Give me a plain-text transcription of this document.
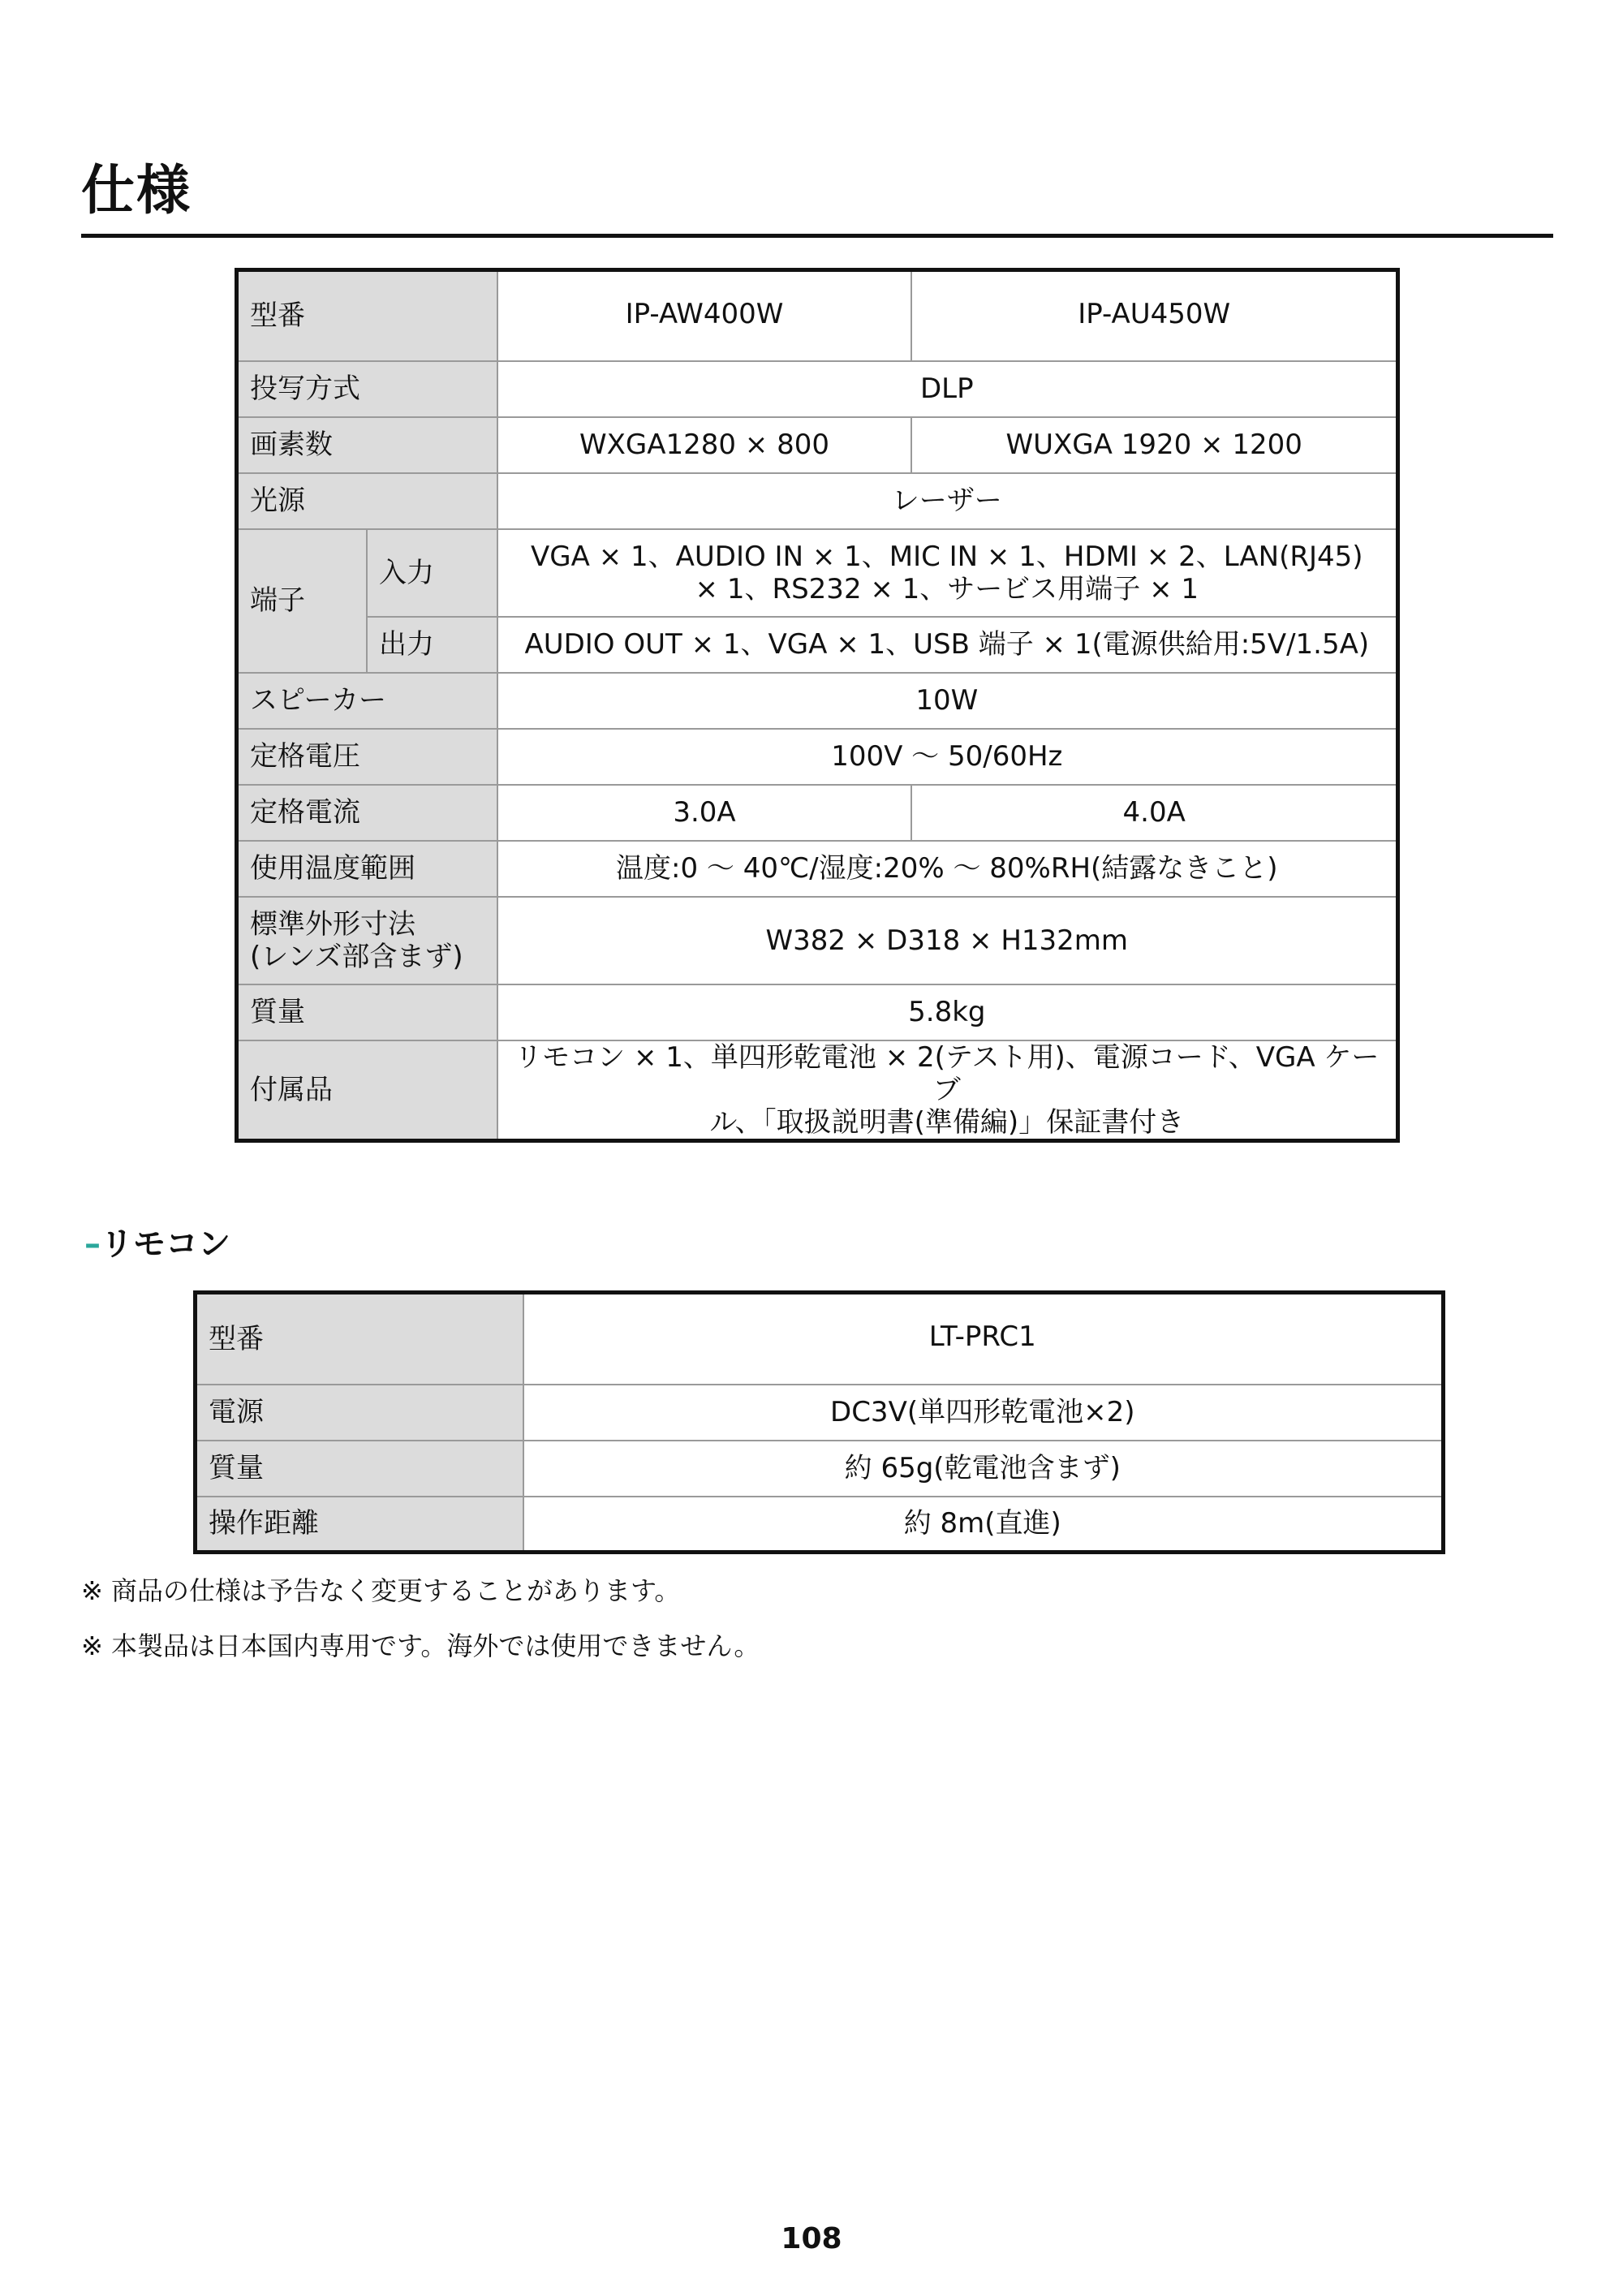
仕様
型番		IP-AW400W	IP-AU450W
投写方式		DLP	
画素数		WXGA1280 × 800	WUXGA 1920 × 1200
光源		レーザー	
端子	入力	VGA × 1、AUDIO IN × 1、MIC IN × 1、HDMI × 2、LAN(RJ45)
× 1、RS232 × 1、サービス用端子 × 1	

	出力	AUDIO OUT × 1、VGA × 1、USB 端子 × 1(電源供給用:5V/1.5A)	
スピーカー		10W	
定格電圧		100V 〜 50/60Hz	
定格電流		3.0A	4.0A
使用温度範囲		温度:0 〜 40℃/湿度:20% 〜 80%RH(結露なきこと)	

標準外形寸法
(レンズ部含まず)		W382 × D318 × H132mm	
質量		5.8kg	
付属品		リモコン × 1、単四形乾電池 × 2(テスト用)、電源コード、VGA ケーブ
ル、「取扱説明書(準備編)」保証書付き	
–リモコン
型番	LT-PRC1
電源	DC3V(単四形乾電池×2)
質量	約 65g(乾電池含まず)
操作距離	約 8m(直進)
※ 商品の仕様は予告なく変更することがあります。
※ 本製品は日本国内専用です。海外では使用できません。
108
